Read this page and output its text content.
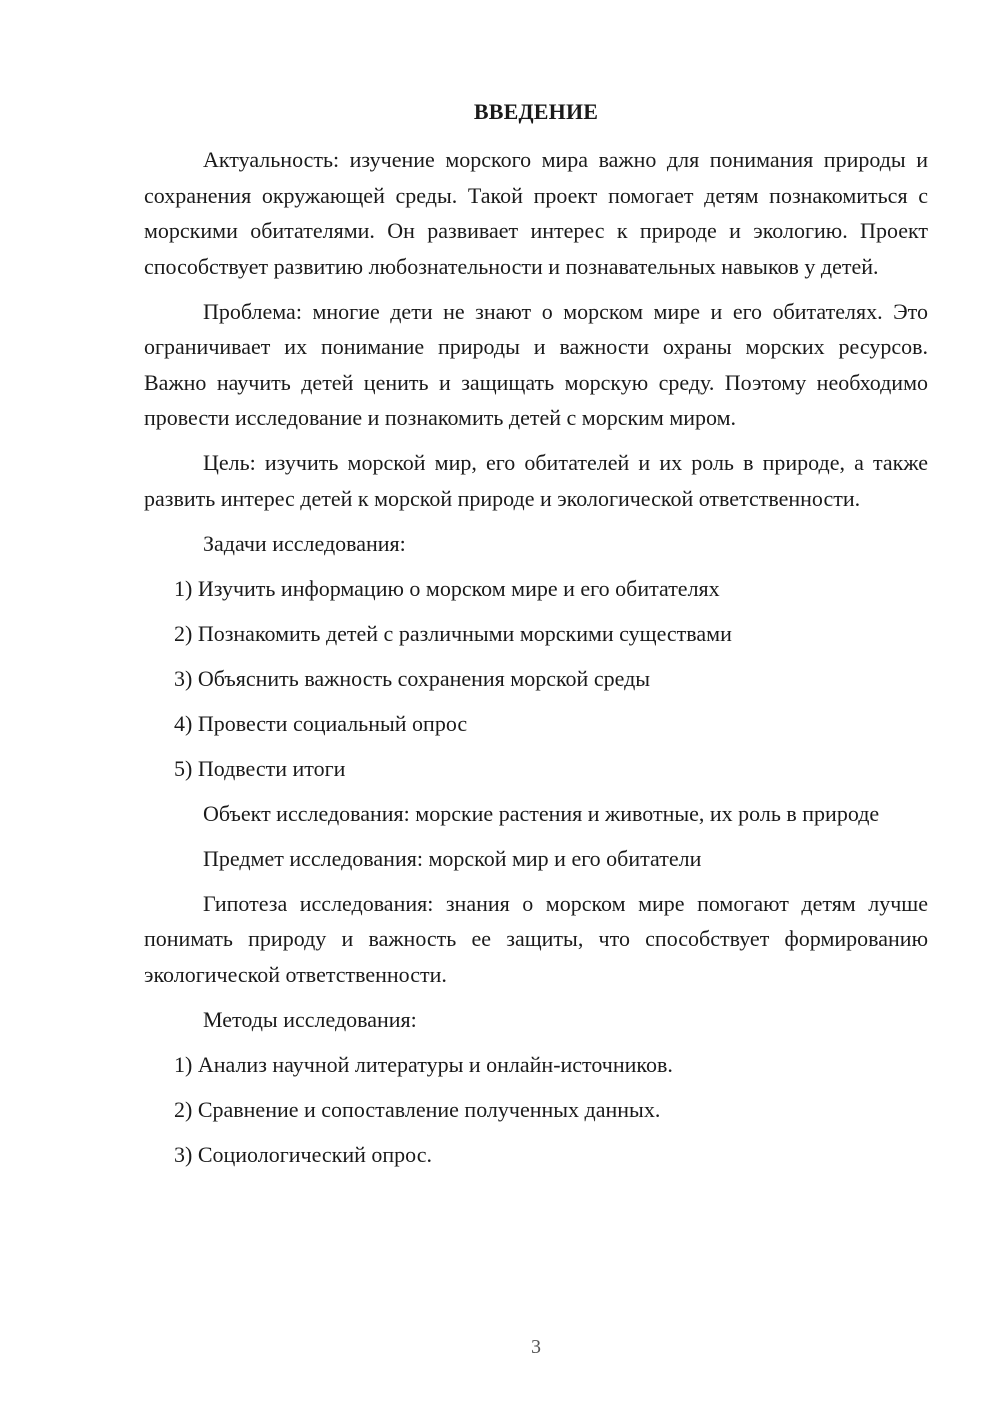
ВВЕДЕНИЕ

Актуальность: изучение морского мира важно для понимания природы и сохранения окружающей среды. Такой проект помогает детям познакомиться с морскими обитателями. Он развивает интерес к природе и экологию. Проект способствует развитию любознательности и познавательных навыков у детей.

Проблема: многие дети не знают о морском мире и его обитателях. Это ограничивает их понимание природы и важности охраны морских ресурсов. Важно научить детей ценить и защищать морскую среду. Поэтому необходимо провести исследование и познакомить детей с морским миром.

Цель: изучить морской мир, его обитателей и их роль в природе, а также развить интерес детей к морской природе и экологической ответственности.

Задачи исследования:

1) Изучить информацию о морском мире и его обитателях
2) Познакомить детей с различными морскими существами
3) Объяснить важность сохранения морской среды
4) Провести социальный опрос
5) Подвести итоги

Объект исследования: морские растения и животные, их роль в природе

Предмет исследования: морской мир и его обитатели

Гипотеза исследования: знания о морском мире помогают детям лучше понимать природу и важность ее защиты, что способствует формированию экологической ответственности.

Методы исследования:

1) Анализ научной литературы и онлайн-источников.
2) Сравнение и сопоставление полученных данных.
3) Социологический опрос.
3
